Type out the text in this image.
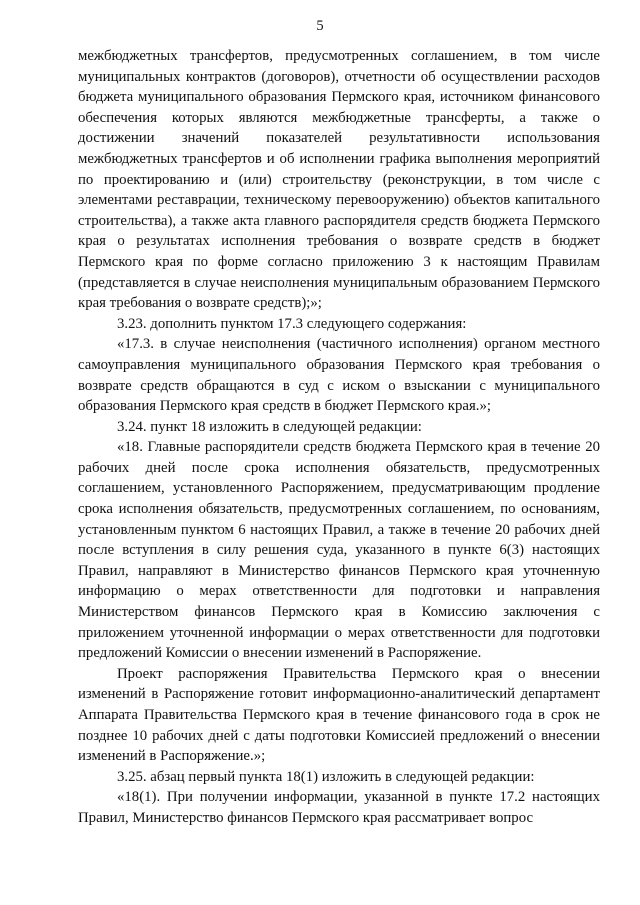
5

межбюджетных трансфертов, предусмотренных соглашением, в том числе муниципальных контрактов (договоров), отчетности об осуществлении расходов бюджета муниципального образования Пермского края, источником финансового обеспечения которых являются межбюджетные трансферты, а также о достижении значений показателей результативности использования межбюджетных трансфертов и об исполнении графика выполнения мероприятий по проектированию и (или) строительству (реконструкции, в том числе с элементами реставрации, техническому перевооружению) объектов капитального строительства), а также акта главного распорядителя средств бюджета Пермского края о результатах исполнения требования о возврате средств в бюджет Пермского края по форме согласно приложению 3 к настоящим Правилам (представляется в случае неисполнения муниципальным образованием Пермского края требования о возврате средств);»;

3.23. дополнить пунктом 17.3 следующего содержания:

«17.3. в случае неисполнения (частичного исполнения) органом местного самоуправления муниципального образования Пермского края требования о возврате средств обращаются в суд с иском о взыскании с муниципального образования Пермского края средств в бюджет Пермского края.»;

3.24. пункт 18 изложить в следующей редакции:

«18. Главные распорядители средств бюджета Пермского края в течение 20 рабочих дней после срока исполнения обязательств, предусмотренных соглашением, установленного Распоряжением, предусматривающим продление срока исполнения обязательств, предусмотренных соглашением, по основаниям, установленным пунктом 6 настоящих Правил, а также в течение 20 рабочих дней после вступления в силу решения суда, указанного в пункте 6(3) настоящих Правил, направляют в Министерство финансов Пермского края уточненную информацию о мерах ответственности для подготовки и направления Министерством финансов Пермского края в Комиссию заключения с приложением уточненной информации о мерах ответственности для подготовки предложений Комиссии о внесении изменений в Распоряжение.

Проект распоряжения Правительства Пермского края о внесении изменений в Распоряжение готовит информационно-аналитический департамент Аппарата Правительства Пермского края в течение финансового года в срок не позднее 10 рабочих дней с даты подготовки Комиссией предложений о внесении изменений в Распоряжение.»;

3.25. абзац первый пункта 18(1) изложить в следующей редакции:

«18(1). При получении информации, указанной в пункте 17.2 настоящих Правил, Министерство финансов Пермского края рассматривает вопрос
